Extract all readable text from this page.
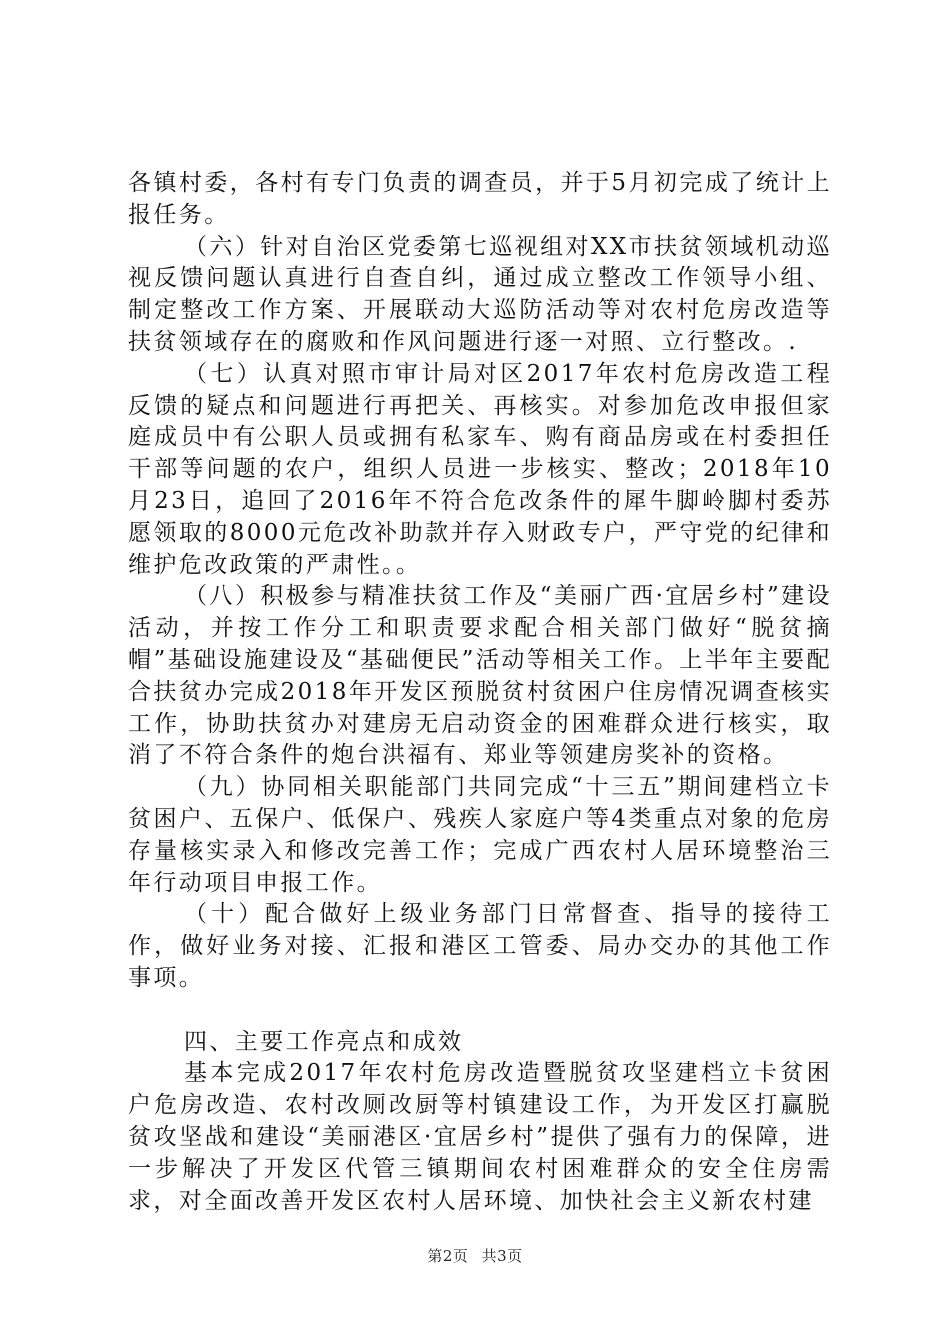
各镇村委，各村有专门负责的调查员，并于5月初完成了统计上报任务。

（六）针对自治区党委第七巡视组对XX市扶贫领域机动巡视反馈问题认真进行自查自纠，通过成立整改工作领导小组、制定整改工作方案、开展联动大巡防活动等对农村危房改造等扶贫领域存在的腐败和作风问题进行逐一对照、立行整改。.

（七）认真对照市审计局对区2017年农村危房改造工程反馈的疑点和问题进行再把关、再核实。对参加危改申报但家庭成员中有公职人员或拥有私家车、购有商品房或在村委担任干部等问题的农户，组织人员进一步核实、整改；2018年10月23日，追回了2016年不符合危改条件的犀牛脚岭脚村委苏愿领取的8000元危改补助款并存入财政专户，严守党的纪律和维护危改政策的严肃性。。

（八）积极参与精准扶贫工作及“美丽广西·宜居乡村”建设活动，并按工作分工和职责要求配合相关部门做好“脱贫摘帽”基础设施建设及“基础便民”活动等相关工作。上半年主要配合扶贫办完成2018年开发区预脱贫村贫困户住房情况调查核实工作，协助扶贫办对建房无启动资金的困难群众进行核实，取消了不符合条件的炮台洪福有、郑业等领建房奖补的资格。

（九）协同相关职能部门共同完成“十三五”期间建档立卡贫困户、五保户、低保户、残疾人家庭户等4类重点对象的危房存量核实录入和修改完善工作；完成广西农村人居环境整治三年行动项目申报工作。

（十）配合做好上级业务部门日常督查、指导的接待工作，做好业务对接、汇报和港区工管委、局办交办的其他工作事项。

四、主要工作亮点和成效

基本完成2017年农村危房改造暨脱贫攻坚建档立卡贫困户危房改造、农村改厕改厨等村镇建设工作，为开发区打赢脱贫攻坚战和建设“美丽港区·宜居乡村”提供了强有力的保障，进一步解决了开发区代管三镇期间农村困难群众的安全住房需求，对全面改善开发区农村人居环境、加快社会主义新农村建

第2页 共3页
